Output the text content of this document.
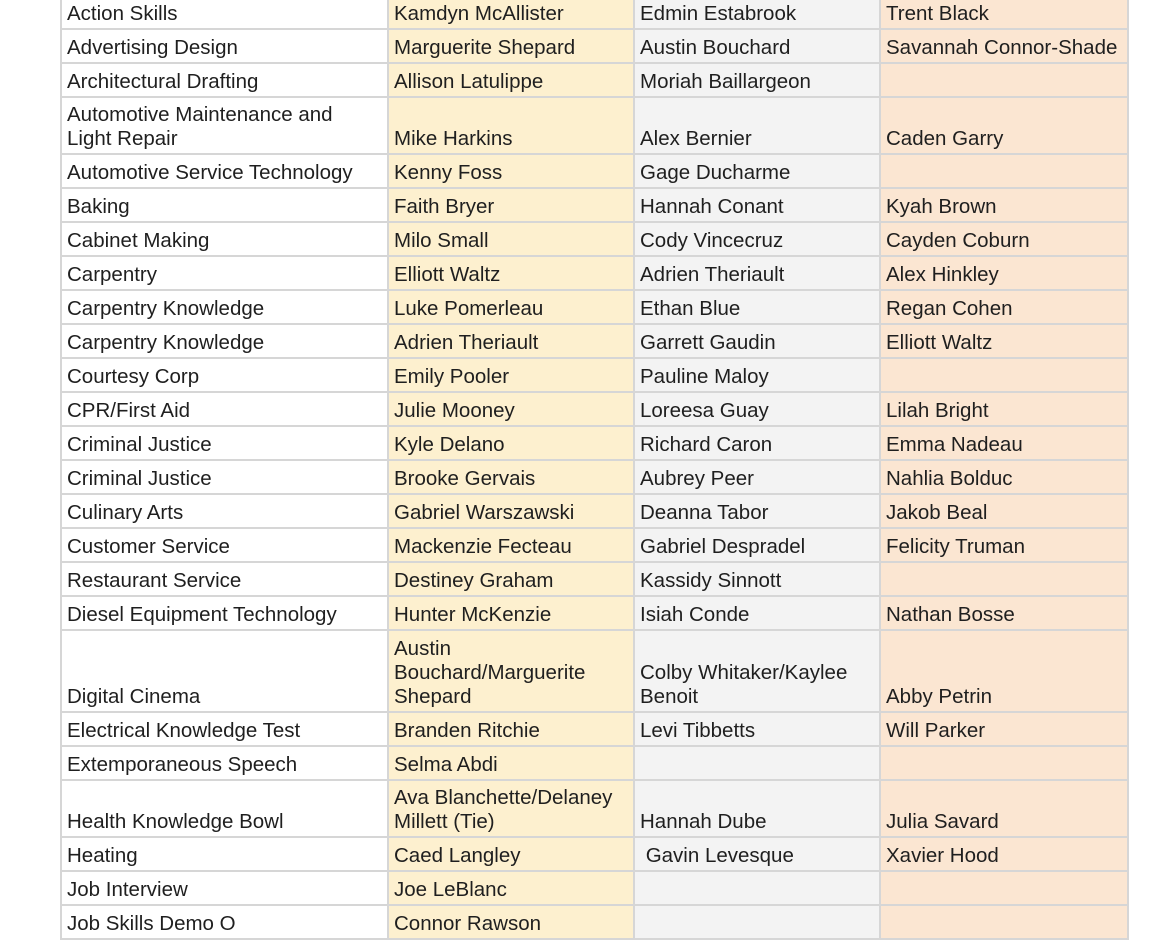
Action Skills	Kamdyn McAllister	Edmin Estabrook	Trent Black
Advertising Design	Marguerite Shepard	Austin Bouchard	Savannah Connor-Shade
Architectural Drafting	Allison Latulippe	Moriah Baillargeon	
Automotive Maintenance and Light Repair	Mike Harkins	Alex Bernier	Caden Garry
Automotive Service Technology	Kenny Foss	Gage Ducharme	
Baking	Faith Bryer	Hannah Conant	Kyah Brown
Cabinet Making	Milo Small	Cody Vincecruz	Cayden Coburn
Carpentry	Elliott Waltz	Adrien Theriault	Alex Hinkley
Carpentry Knowledge	Luke Pomerleau	Ethan Blue	Regan Cohen
Carpentry Knowledge	Adrien Theriault	Garrett Gaudin	Elliott Waltz
Courtesy Corp	Emily Pooler	Pauline Maloy	
CPR/First Aid	Julie Mooney	Loreesa Guay	Lilah Bright
Criminal Justice	Kyle Delano	Richard Caron	Emma Nadeau
Criminal Justice	Brooke Gervais	Aubrey Peer	Nahlia Bolduc
Culinary Arts	Gabriel Warszawski	Deanna Tabor	Jakob Beal
Customer Service	Mackenzie Fecteau	Gabriel Despradel	Felicity Truman
Restaurant Service	Destiney Graham	Kassidy Sinnott	
Diesel Equipment Technology	Hunter McKenzie	Isiah Conde	Nathan Bosse
Digital Cinema	Austin Bouchard/Marguerite Shepard	Colby Whitaker/Kaylee Benoit	Abby Petrin
Electrical Knowledge Test	Branden Ritchie	Levi Tibbetts	Will Parker
Extemporaneous Speech	Selma Abdi		
Health Knowledge Bowl	Ava Blanchette/Delaney Millett (Tie)	Hannah Dube	Julia Savard
Heating	Caed Langley	Gavin Levesque	Xavier Hood
Job Interview	Joe LeBlanc		
Job Skills Demo O	Connor Rawson		
